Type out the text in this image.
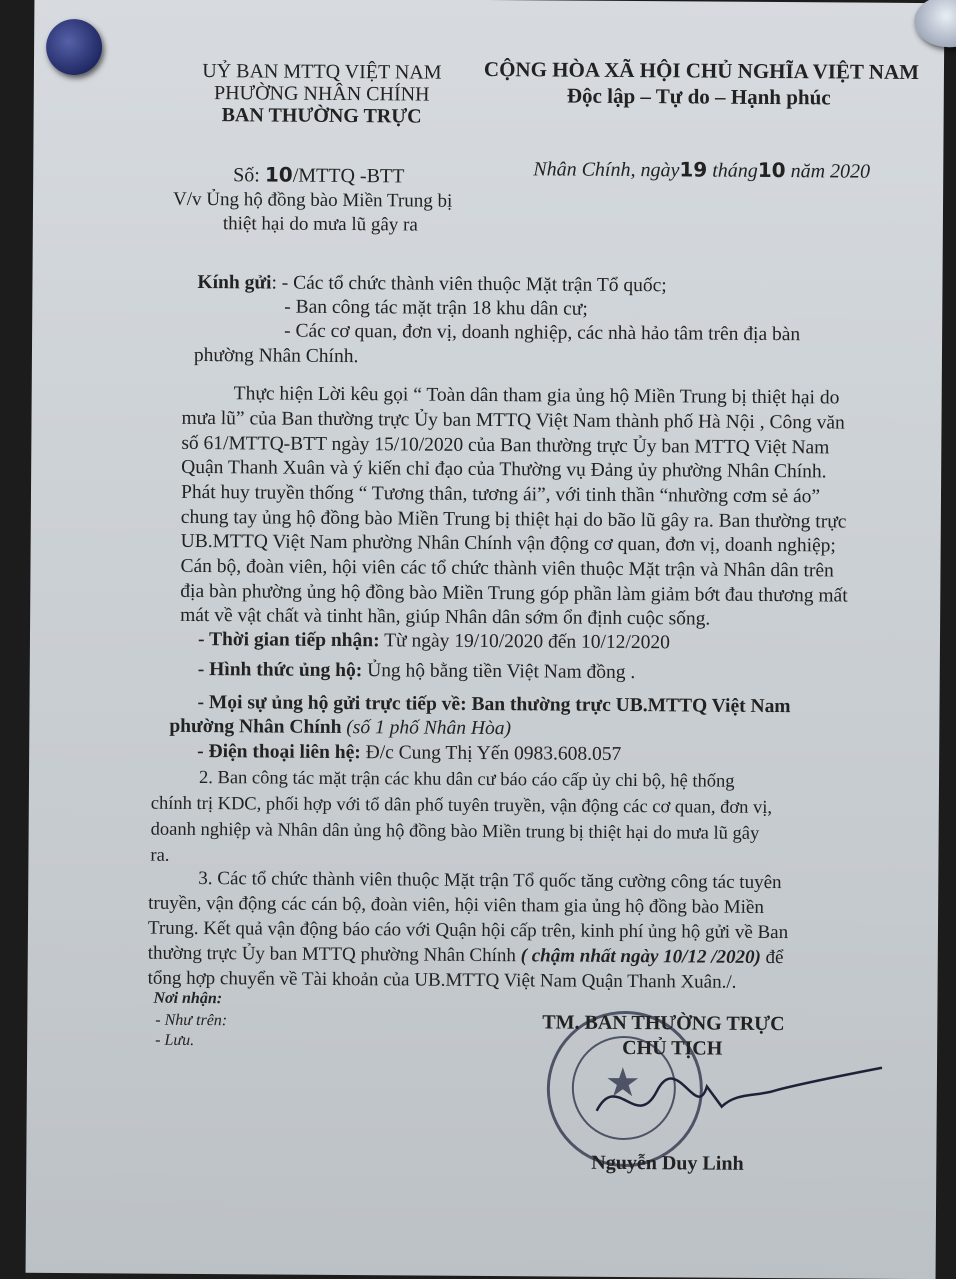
UỶ BAN MTTQ VIỆT NAM
PHƯỜNG NHÂN CHÍNH
BAN THƯỜNG TRỰC
CỘNG HÒA XÃ HỘI CHỦ NGHĨA VIỆT NAM
Độc lập – Tự do – Hạnh phúc
Số: 10/MTTQ -BTT	Nhân Chính, ngày19 tháng10 năm 2020
V/v Ủng hộ đồng bào Miền Trung bị
thiệt hại do mưa lũ gây ra
Kính gửi: - Các tổ chức thành viên thuộc Mặt trận Tổ quốc;
- Ban công tác mặt trận 18 khu dân cư;
- Các cơ quan, đơn vị, doanh nghiệp, các nhà hảo tâm trên địa bàn
phường Nhân Chính.
Thực hiện Lời kêu gọi “ Toàn dân tham gia ủng hộ Miền Trung bị thiệt hại do
mưa lũ” của Ban thường trực Ủy ban MTTQ Việt Nam thành phố Hà Nội , Công văn
số 61/MTTQ-BTT ngày 15/10/2020 của Ban thường trực Ủy ban MTTQ Việt Nam
Quận Thanh Xuân và ý kiến chỉ đạo của Thường vụ Đảng ủy phường Nhân Chính.
Phát huy truyền thống “ Tương thân, tương ái”, với tinh thần “nhường cơm sẻ áo”
chung tay ủng hộ đồng bào Miền Trung bị thiệt hại do bão lũ gây ra. Ban thường trực
UB.MTTQ Việt Nam phường Nhân Chính vận động cơ quan, đơn vị, doanh nghiệp;
Cán bộ, đoàn viên, hội viên các tổ chức thành viên thuộc Mặt trận và Nhân dân trên
địa bàn phường ủng hộ đồng bào Miền Trung góp phần làm giảm bớt đau thương mất
mát về vật chất và tinht hần, giúp Nhân dân sớm ổn định cuộc sống.
- Thời gian tiếp nhận: Từ ngày 19/10/2020 đến 10/12/2020
- Hình thức ủng hộ: Ủng hộ bằng tiền Việt Nam đồng .
- Mọi sự ủng hộ gửi trực tiếp về: Ban thường trực UB.MTTQ Việt Nam
phường Nhân Chính (số 1 phố Nhân Hòa)
- Điện thoại liên hệ: Đ/c Cung Thị Yến 0983.608.057
2. Ban công tác mặt trận các khu dân cư báo cáo cấp ủy chi bộ, hệ thống
chính trị KDC, phối hợp với tổ dân phố tuyên truyền, vận động các cơ quan, đơn vị,
doanh nghiệp và Nhân dân ủng hộ đồng bào Miền trung bị thiệt hại do mưa lũ gây
ra.
3. Các tổ chức thành viên thuộc Mặt trận Tổ quốc tăng cường công tác tuyên
truyền, vận động các cán bộ, đoàn viên, hội viên tham gia ủng hộ đồng bào Miền
Trung. Kết quả vận động báo cáo với Quận hội cấp trên, kinh phí ủng hộ gửi về Ban
thường trực Ủy ban MTTQ phường Nhân Chính ( chậm nhất ngày 10/12 /2020) để
tổng hợp chuyển về Tài khoản của UB.MTTQ Việt Nam Quận Thanh Xuân./.
Nơi nhận:
- Như trên:
- Lưu.
★
TM. BAN THƯỜNG TRỰC
CHỦ TỊCH
Nguyễn Duy Linh
